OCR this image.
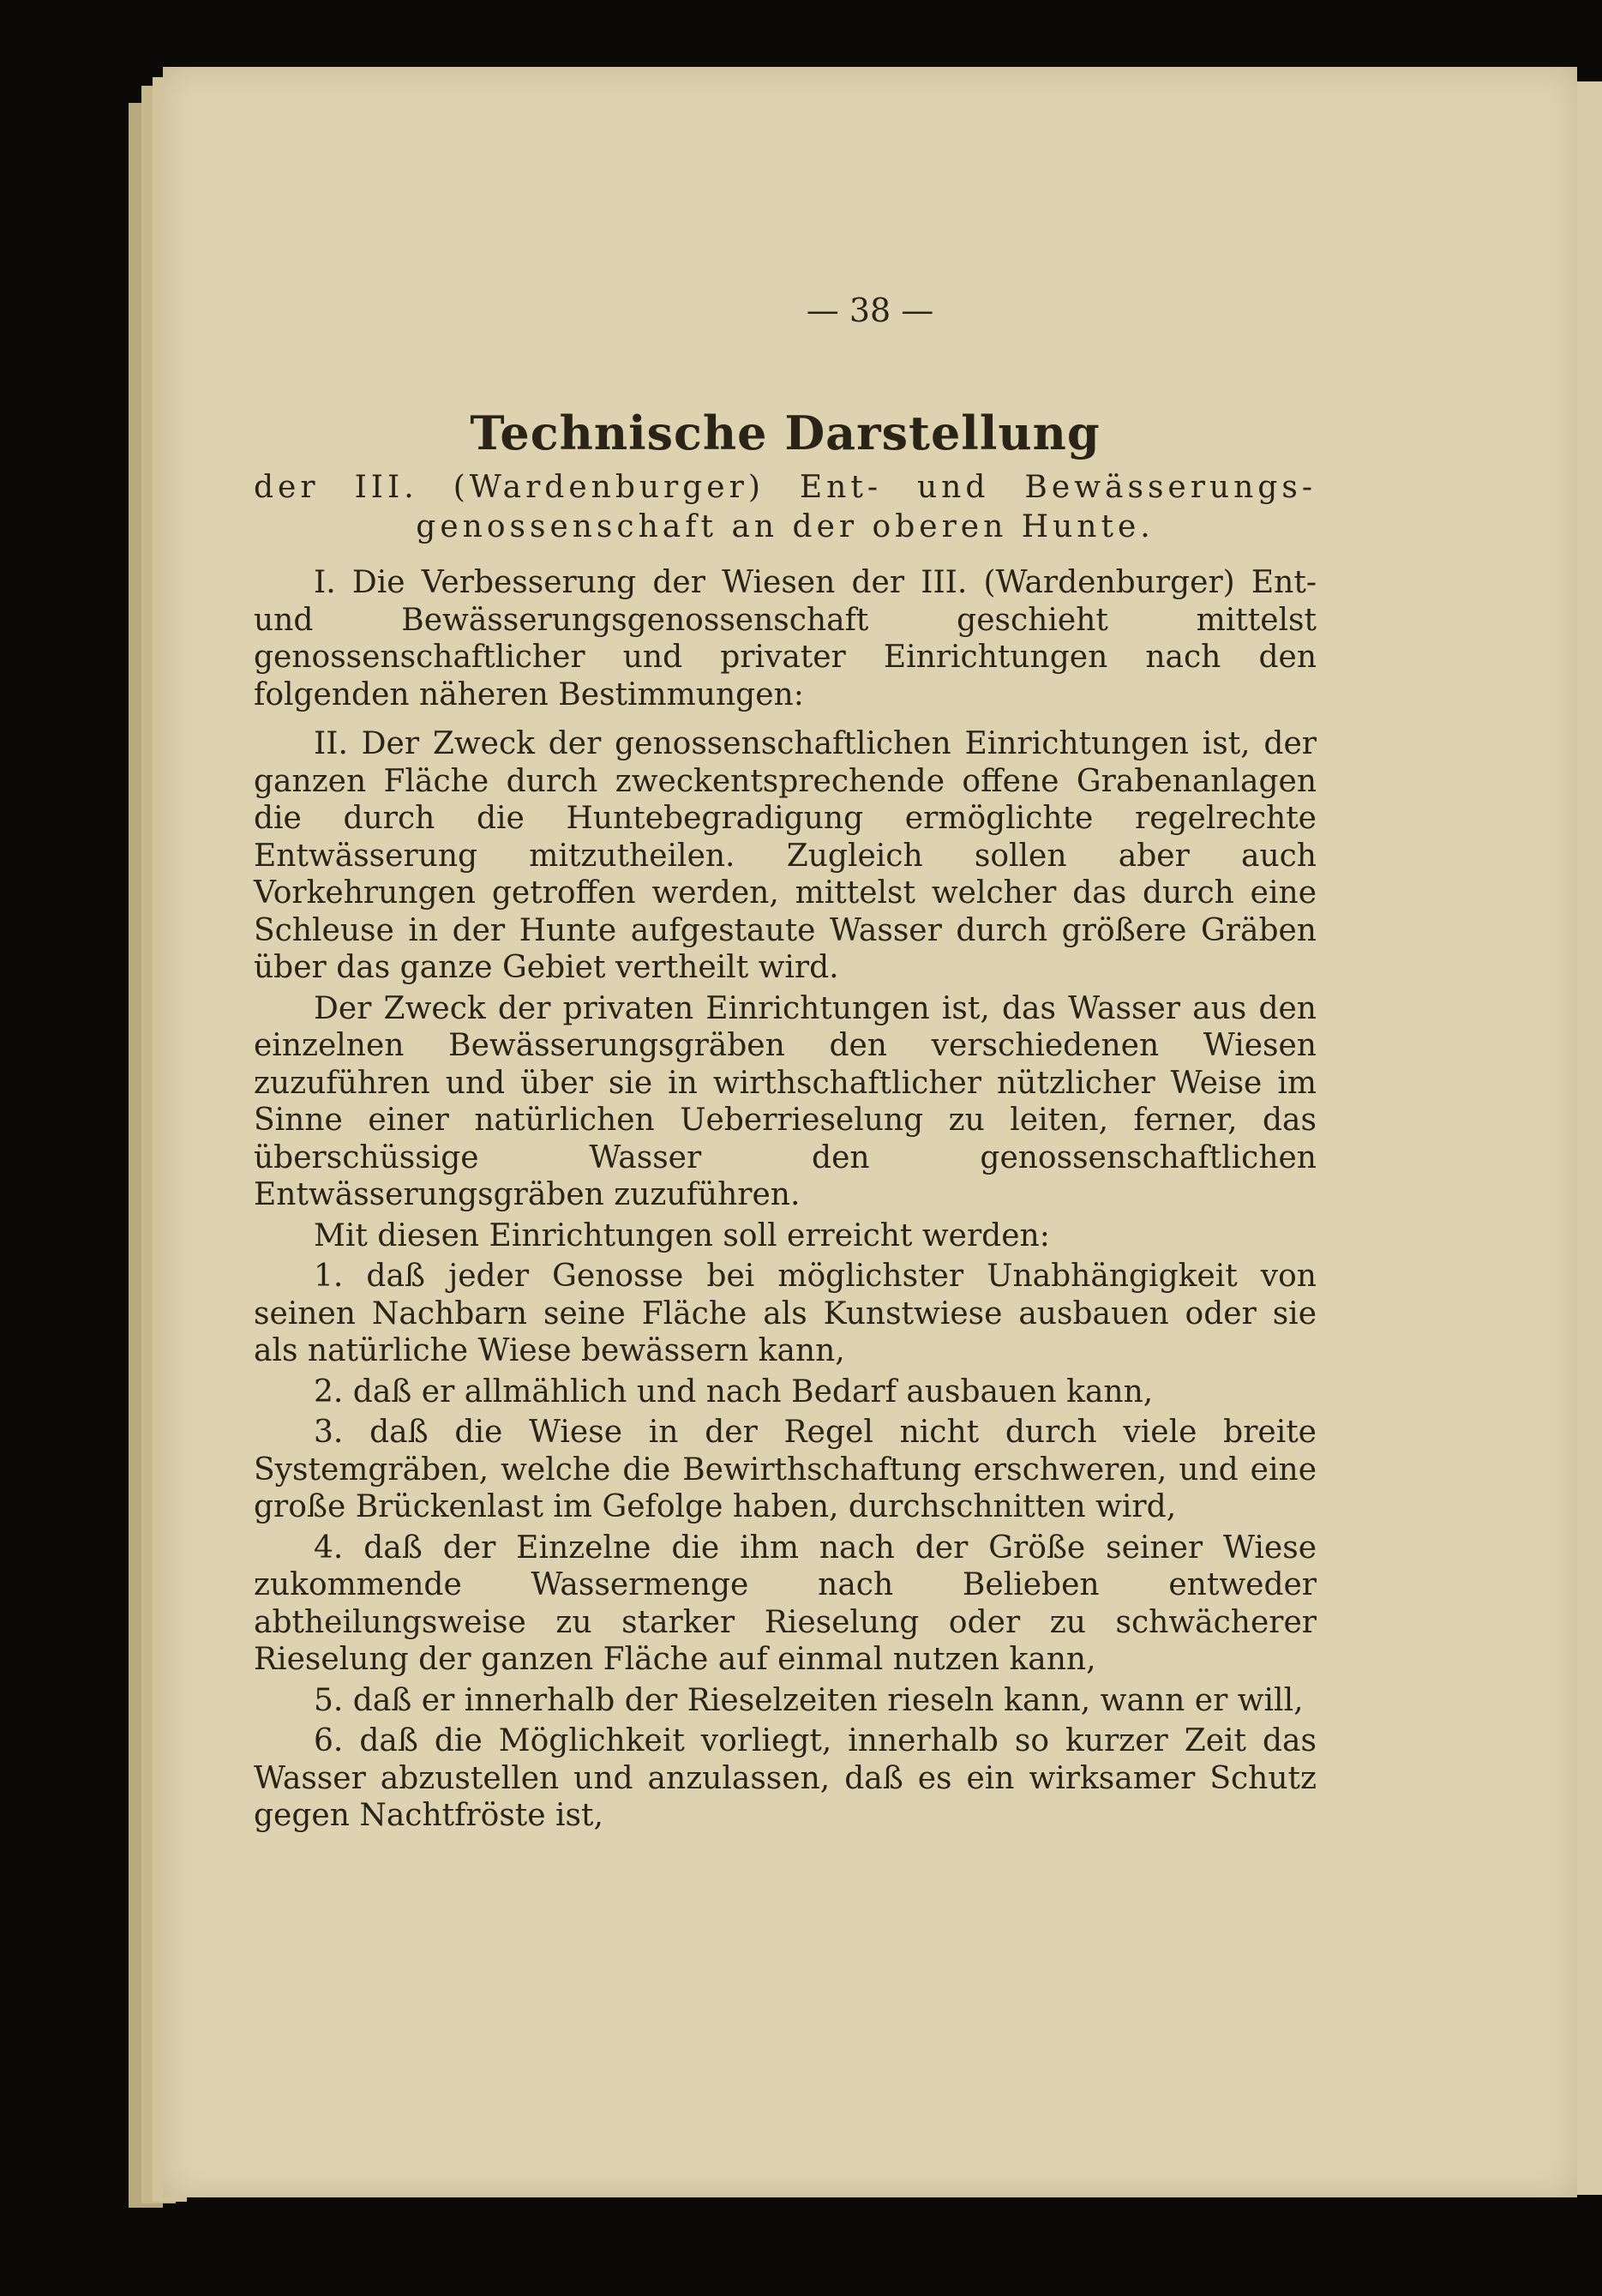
— 38 —
Technische Darstellung
der III. (Wardenburger) Ent- und Bewässerungs-genossenschaft an der oberen Hunte.

I. Die Verbesserung der Wiesen der III. (Wardenburger) Ent- und Bewässerungsgenossenschaft geschieht mittelst genossenschaftlicher und privater Einrichtungen nach den folgenden näheren Bestimmungen:

II. Der Zweck der genossenschaftlichen Einrichtungen ist, der ganzen Fläche durch zweckentsprechende offene Grabenanlagen die durch die Huntebegradigung ermöglichte regelrechte Entwässerung mitzutheilen. Zugleich sollen aber auch Vorkehrungen getroffen werden, mittelst welcher das durch eine Schleuse in der Hunte aufgestaute Wasser durch größere Gräben über das ganze Gebiet vertheilt wird.

Der Zweck der privaten Einrichtungen ist, das Wasser aus den einzelnen Bewässerungsgräben den verschiedenen Wiesen zuzuführen und über sie in wirthschaftlicher nützlicher Weise im Sinne einer natürlichen Ueberrieselung zu leiten, ferner, das überschüssige Wasser den genossenschaftlichen Entwässerungsgräben zuzuführen.

Mit diesen Einrichtungen soll erreicht werden:

1. daß jeder Genosse bei möglichster Unabhängigkeit von seinen Nachbarn seine Fläche als Kunstwiese ausbauen oder sie als natürliche Wiese bewässern kann,

2. daß er allmählich und nach Bedarf ausbauen kann,

3. daß die Wiese in der Regel nicht durch viele breite Systemgräben, welche die Bewirthschaftung erschweren, und eine große Brückenlast im Gefolge haben, durchschnitten wird,

4. daß der Einzelne die ihm nach der Größe seiner Wiese zukommende Wassermenge nach Belieben entweder abtheilungsweise zu starker Rieselung oder zu schwächerer Rieselung der ganzen Fläche auf einmal nutzen kann,

5. daß er innerhalb der Rieselzeiten rieseln kann, wann er will,

6. daß die Möglichkeit vorliegt, innerhalb so kurzer Zeit das Wasser abzustellen und anzulassen, daß es ein wirksamer Schutz gegen Nachtfröste ist,
